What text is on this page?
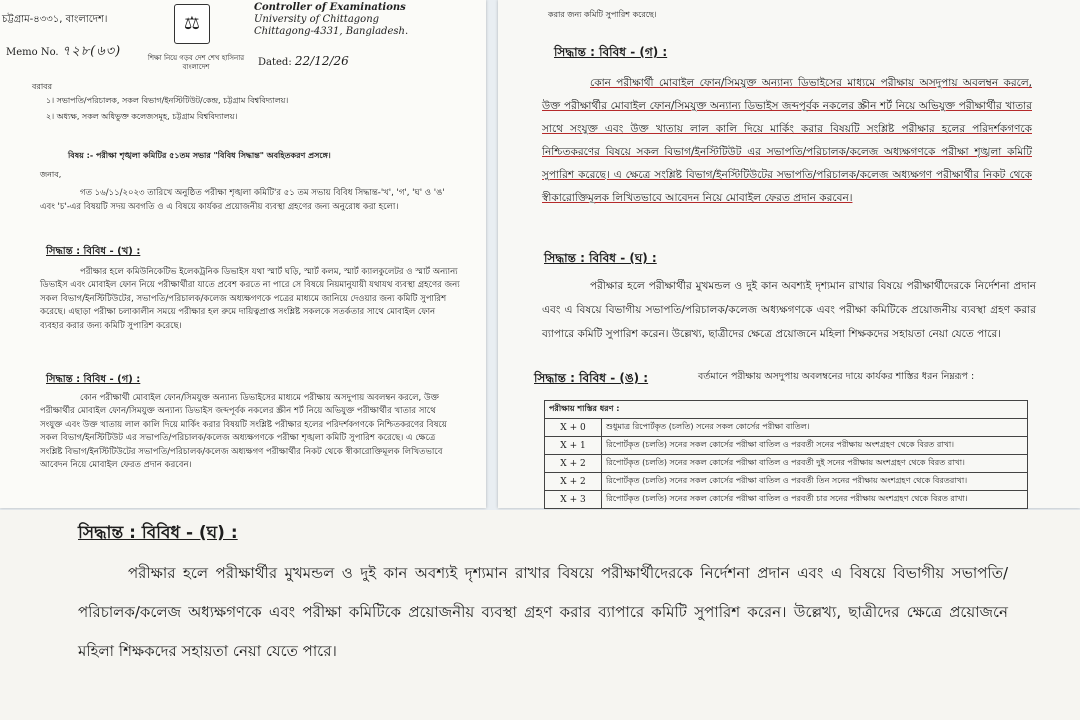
চট্টগ্রাম-৪৩৩১, বাংলাদেশ।	⚖
শিক্ষা নিয়ে গড়ব দেশ শেখ হাসিনার বাংলাদেশ
Controller of Examinations
University of Chittagong
Chittagong-4331, Bangladesh.
Memo No. ৭২৮(৬৩)
Dated: 22/12/26
বরাবর
১। সভাপতি/পরিচালক, সকল বিভাগ/ইনস্টিটিউট/কেন্দ্র, চট্টগ্রাম বিশ্ববিদ্যালয়।
২। অধ্যক্ষ, সকল অধিভুক্ত কলেজসমূহ, চট্টগ্রাম বিশ্ববিদ্যালয়।
বিষয় :- পরীক্ষা শৃঙ্খলা কমিটির ৫১তম সভার "বিবিধ সিদ্ধান্ত" অবহিতকরণ প্রসঙ্গে।
জনাব,
গত ১৬/১১/২০২৩ তারিখে অনুষ্ঠিত পরীক্ষা শৃঙ্খলা কমিটি'র ৫১ তম সভায় বিবিধ সিদ্ধান্ত-'খ', 'গ', 'ঘ' ও 'ঙ' এবং 'চ'-এর বিষয়টি সদয় অবগতি ও এ বিষয়ে কার্যকর প্রয়োজনীয় ব্যবস্থা গ্রহণের জন্য অনুরোধ করা হলো।
সিদ্ধান্ত : বিবিধ - (খ) :
পরীক্ষার হলে কমিউনিকেটিভ ইলেকট্রনিক ডিভাইস যথা স্মার্ট ঘড়ি, স্মার্ট কলম, স্মার্ট ক্যালকুলেটর ও স্মার্ট অন্যান্য ডিভাইস এবং মোবাইল ফোন নিয়ে পরীক্ষার্থীরা যাতে প্রবেশ করতে না পারে সে বিষয়ে নিয়মানুযায়ী যথাযথ ব্যবস্থা গ্রহণের জন্য সকল বিভাগ/ইনস্টিটিউটের, সভাপতি/পরিচালক/কলেজ অধ্যক্ষগণকে পত্রের মাধ্যমে জানিয়ে দেওয়ার জন্য কমিটি সুপারিশ করেছে। এছাড়া পরীক্ষা চলাকালীন সময়ে পরীক্ষার হল রুমে দায়িত্বপ্রাপ্ত সংশ্লিষ্ট সকলকে সতর্কতার সাথে মোবাইল ফোন ব্যবহার করার জন্য কমিটি সুপারিশ করেছে।
সিদ্ধান্ত : বিবিধ - (গ) :
কোন পরীক্ষার্থী মোবাইল ফোন/সিমযুক্ত অন্যান্য ডিভাইসের মাধ্যমে পরীক্ষায় অসদুপায় অবলম্বন করলে, উক্ত পরীক্ষার্থীর মোবাইল ফোন/সিমযুক্ত অন্যান্য ডিভাইস জব্দপূর্বক নকলের স্ক্রীন শর্ট নিয়ে অভিযুক্ত পরীক্ষার্থীর খাতার সাথে সংযুক্ত এবং উক্ত খাতায় লাল কালি দিয়ে মার্কিং করার বিষয়টি সংশ্লিষ্ট পরীক্ষার হলের পরিদর্শকগণকে নিশ্চিতকরণের বিষয়ে সকল বিভাগ/ইনস্টিটিউট এর সভাপতি/পরিচালক/কলেজ অধ্যক্ষগণকে পরীক্ষা শৃঙ্খলা কমিটি সুপারিশ করেছে। এ ক্ষেত্রে সংশ্লিষ্ট বিভাগ/ইনস্টিটিউটের সভাপতি/পরিচালক/কলেজ অধ্যক্ষগণ পরীক্ষার্থীর নিকট থেকে স্বীকারোক্তিমূলক লিখিতভাবে আবেদন নিয়ে মোবাইল ফেরত প্রদান করবেন।
করার জন্য কমিটি সুপারিশ করেছে।
সিদ্ধান্ত : বিবিধ - (গ) :
কোন পরীক্ষার্থী মোবাইল ফোন/সিমযুক্ত অন্যান্য ডিভাইসের মাধ্যমে পরীক্ষায় অসদুপায় অবলম্বন করলে, উক্ত পরীক্ষার্থীর মোবাইল ফোন/সিমযুক্ত অন্যান্য ডিভাইস জব্দপূর্বক নকলের স্ক্রীন শর্ট নিয়ে অভিযুক্ত পরীক্ষার্থীর খাতার সাথে সংযুক্ত এবং উক্ত খাতায় লাল কালি দিয়ে মার্কিং করার বিষয়টি সংশ্লিষ্ট পরীক্ষার হলের পরিদর্শকগণকে নিশ্চিতকরণের বিষয়ে সকল বিভাগ/ইনস্টিটিউট এর সভাপতি/পরিচালক/কলেজ অধ্যক্ষগণকে পরীক্ষা শৃঙ্খলা কমিটি সুপারিশ করেছে। এ ক্ষেত্রে সংশ্লিষ্ট বিভাগ/ইনস্টিটিউটের সভাপতি/পরিচালক/কলেজ অধ্যক্ষগণ পরীক্ষার্থীর নিকট থেকে স্বীকারোক্তিমূলক লিখিতভাবে আবেদন নিয়ে মোবাইল ফেরত প্রদান করবেন।
সিদ্ধান্ত : বিবিধ - (ঘ) :
পরীক্ষার হলে পরীক্ষার্থীর মুখমন্ডল ও দুই কান অবশ্যই দৃশ্যমান রাখার বিষয়ে পরীক্ষার্থীদেরকে নির্দেশনা প্রদান এবং এ বিষয়ে বিভাগীয় সভাপতি/পরিচালক/কলেজ অধ্যক্ষগণকে এবং পরীক্ষা কমিটিকে প্রয়োজনীয় ব্যবস্থা গ্রহণ করার ব্যাপারে কমিটি সুপারিশ করেন। উল্লেখ্য, ছাত্রীদের ক্ষেত্রে প্রয়োজনে মহিলা শিক্ষকদের সহায়তা নেয়া যেতে পারে।
সিদ্ধান্ত : বিবিধ - (ঙ) :	বর্তমানে পরীক্ষায় অসদুপায় অবলম্বনের দায়ে কার্যকর শাস্তির ধরন নিম্নরূপ :
পরীক্ষায় শাস্তির ধরণ :	
X + 0	শুধুমাত্র রিপোর্টকৃত (চলতি) সনের সকল কোর্সের পরীক্ষা বাতিল।
X + 1	রিপোর্টকৃত (চলতি) সনের সকল কোর্সের পরীক্ষা বাতিল ও পরবর্তী সনের পরীক্ষায় অংশগ্রহণ থেকে বিরত রাখা।
X + 2	রিপোর্টকৃত (চলতি) সনের সকল কোর্সের পরীক্ষা বাতিল ও পরবর্তী দুই সনের পরীক্ষায় অংশগ্রহণ থেকে বিরত রাখা।
X + 2	রিপোর্টকৃত (চলতি) সনের সকল কোর্সের পরীক্ষা বাতিল ও পরবর্তী তিন সনের পরীক্ষায় অংশগ্রহণ থেকে বিরতরাখা।
X + 3	রিপোর্টকৃত (চলতি) সনের সকল কোর্সের পরীক্ষা বাতিল ও পরবর্তী চার সনের পরীক্ষায় অংশগ্রহণ থেকে বিরত রাখা।
সিদ্ধান্ত : বিবিধ - (ঘ) :
পরীক্ষার হলে পরীক্ষার্থীর মুখমন্ডল ও দুই কান অবশ্যই দৃশ্যমান রাখার বিষয়ে পরীক্ষার্থীদেরকে নির্দেশনা প্রদান এবং এ বিষয়ে বিভাগীয় সভাপতি/পরিচালক/কলেজ অধ্যক্ষগণকে এবং পরীক্ষা কমিটিকে প্রয়োজনীয় ব্যবস্থা গ্রহণ করার ব্যাপারে কমিটি সুপারিশ করেন। উল্লেখ্য, ছাত্রীদের ক্ষেত্রে প্রয়োজনে মহিলা শিক্ষকদের সহায়তা নেয়া যেতে পারে।
